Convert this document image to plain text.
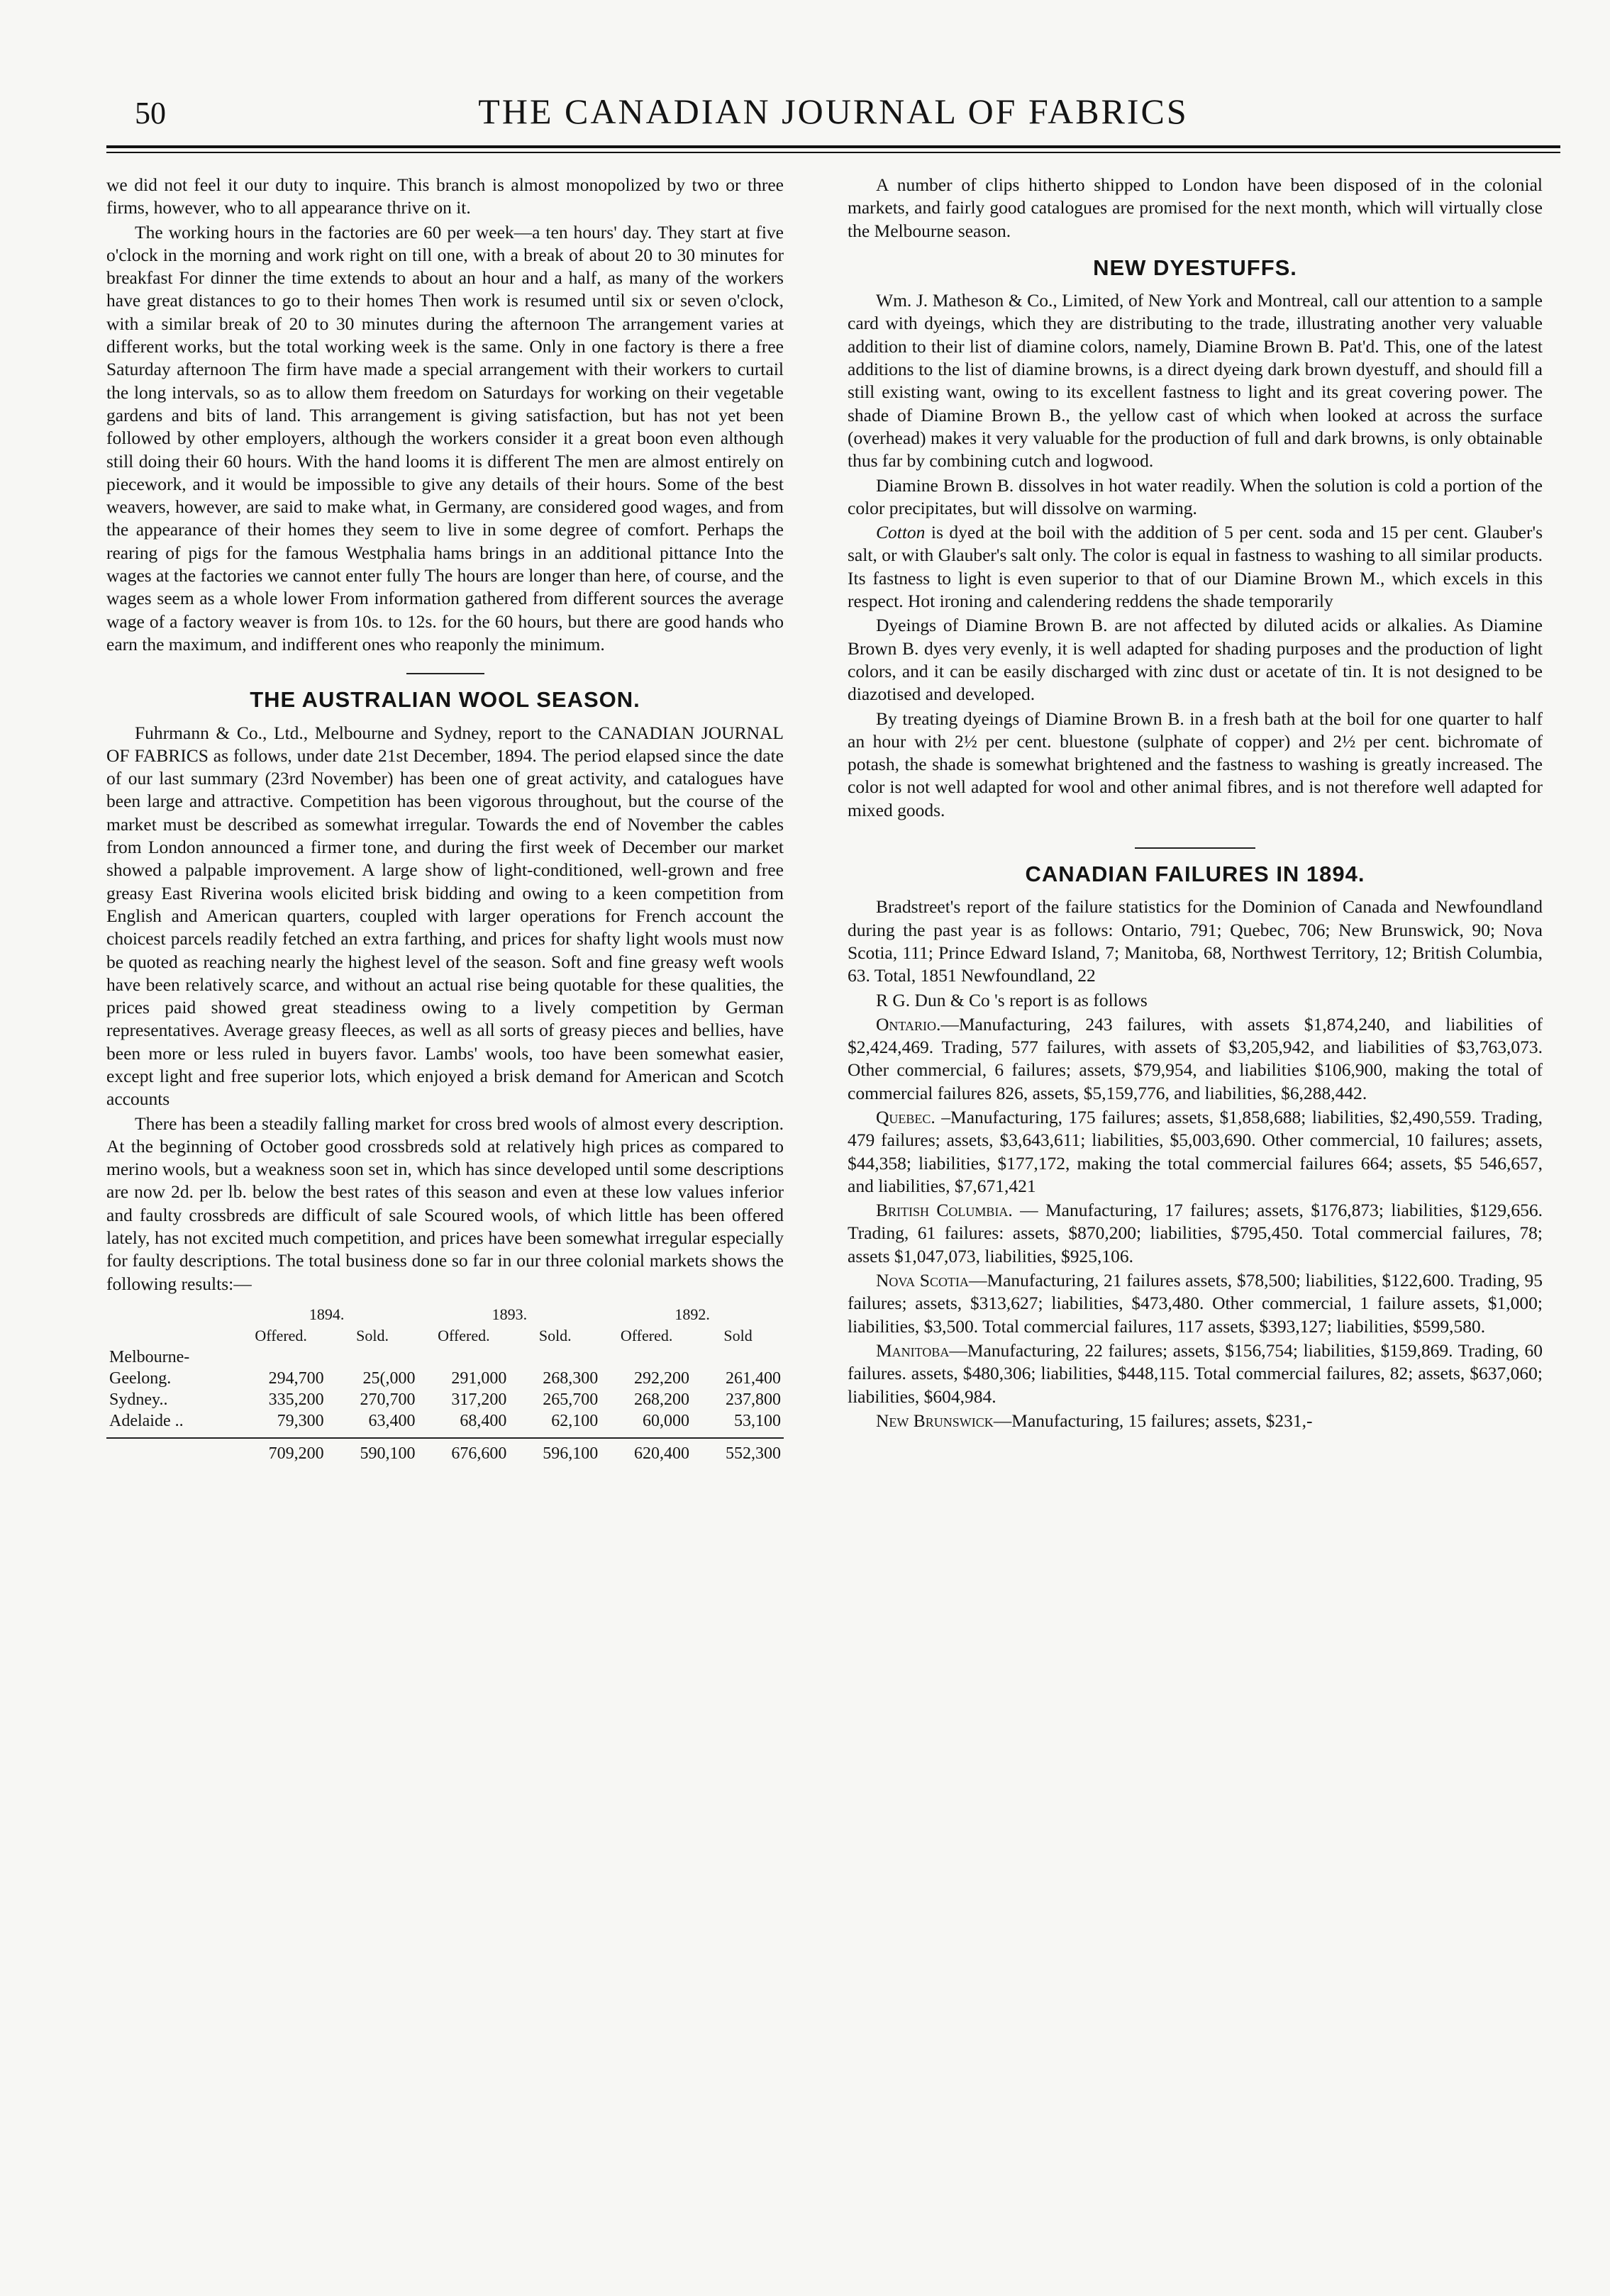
50	THE CANADIAN JOURNAL OF FABRICS

we did not feel it our duty to inquire. This branch is almost monopolized by two or three firms, however, who to all appearance thrive on it.

The working hours in the factories are 60 per week—a ten hours' day. They start at five o'clock in the morning and work right on till one, with a break of about 20 to 30 minutes for breakfast For dinner the time extends to about an hour and a half, as many of the workers have great distances to go to their homes Then work is resumed until six or seven o'clock, with a similar break of 20 to 30 minutes during the afternoon The arrangement varies at different works, but the total working week is the same. Only in one factory is there a free Saturday afternoon The firm have made a special arrangement with their workers to curtail the long intervals, so as to allow them freedom on Saturdays for working on their vegetable gardens and bits of land. This arrangement is giving satisfaction, but has not yet been followed by other employers, although the workers consider it a great boon even although still doing their 60 hours. With the hand looms it is different The men are almost entirely on piecework, and it would be impossible to give any details of their hours. Some of the best weavers, however, are said to make what, in Germany, are considered good wages, and from the appearance of their homes they seem to live in some degree of comfort. Perhaps the rearing of pigs for the famous Westphalia hams brings in an additional pittance Into the wages at the factories we cannot enter fully The hours are longer than here, of course, and the wages seem as a whole lower From information gathered from different sources the average wage of a factory weaver is from 10s. to 12s. for the 60 hours, but there are good hands who earn the maximum, and indifferent ones who reaponly the minimum.

THE AUSTRALIAN WOOL SEASON.

Fuhrmann & Co., Ltd., Melbourne and Sydney, report to the CANADIAN JOURNAL OF FABRICS as follows, under date 21st December, 1894. The period elapsed since the date of our last summary (23rd November) has been one of great activity, and catalogues have been large and attractive. Competition has been vigorous throughout, but the course of the market must be described as somewhat irregular. Towards the end of November the cables from London announced a firmer tone, and during the first week of December our market showed a palpable improvement. A large show of light-conditioned, well-grown and free greasy East Riverina wools elicited brisk bidding and owing to a keen competition from English and American quarters, coupled with larger operations for French account the choicest parcels readily fetched an extra farthing, and prices for shafty light wools must now be quoted as reaching nearly the highest level of the season. Soft and fine greasy weft wools have been relatively scarce, and without an actual rise being quotable for these qualities, the prices paid showed great steadiness owing to a lively competition by German representatives. Average greasy fleeces, as well as all sorts of greasy pieces and bellies, have been more or less ruled in buyers favor. Lambs' wools, too have been somewhat easier, except light and free superior lots, which enjoyed a brisk demand for American and Scotch accounts

There has been a steadily falling market for cross bred wools of almost every description. At the beginning of October good crossbreds sold at relatively high prices as compared to merino wools, but a weakness soon set in, which has since developed until some descriptions are now 2d. per lb. below the best rates of this season and even at these low values inferior and faulty crossbreds are difficult of sale Scoured wools, of which little has been offered lately, has not excited much competition, and prices have been somewhat irregular especially for faulty descriptions. The total business done so far in our three colonial markets shows the following results:—

	1894.		1893.		1892.	
	Offered.	Sold.	Offered.	Sold.	Offered.	Sold
Melbourne-						
Geelong.	294,700	25(,000	291,000	268,300	292,200	261,400
Sydney..	335,200	270,700	317,200	265,700	268,200	237,800
Adelaide ..	79,300	63,400	68,400	62,100	60,000	53,100

	709,200	590,100	676,600	596,100	620,400	552,300

A number of clips hitherto shipped to London have been disposed of in the colonial markets, and fairly good catalogues are promised for the next month, which will virtually close the Melbourne season.

NEW DYESTUFFS.

Wm. J. Matheson & Co., Limited, of New York and Montreal, call our attention to a sample card with dyeings, which they are distributing to the trade, illustrating another very valuable addition to their list of diamine colors, namely, Diamine Brown B. Pat'd. This, one of the latest additions to the list of diamine browns, is a direct dyeing dark brown dyestuff, and should fill a still existing want, owing to its excellent fastness to light and its great covering power. The shade of Diamine Brown B., the yellow cast of which when looked at across the surface (overhead) makes it very valuable for the production of full and dark browns, is only obtainable thus far by combining cutch and logwood.

Diamine Brown B. dissolves in hot water readily. When the solution is cold a portion of the color precipitates, but will dissolve on warming.

Cotton is dyed at the boil with the addition of 5 per cent. soda and 15 per cent. Glauber's salt, or with Glauber's salt only. The color is equal in fastness to washing to all similar products. Its fastness to light is even superior to that of our Diamine Brown M., which excels in this respect. Hot ironing and calendering reddens the shade temporarily

Dyeings of Diamine Brown B. are not affected by diluted acids or alkalies. As Diamine Brown B. dyes very evenly, it is well adapted for shading purposes and the production of light colors, and it can be easily discharged with zinc dust or acetate of tin. It is not designed to be diazotised and developed.

By treating dyeings of Diamine Brown B. in a fresh bath at the boil for one quarter to half an hour with 2½ per cent. bluestone (sulphate of copper) and 2½ per cent. bichromate of potash, the shade is somewhat brightened and the fastness to washing is greatly increased. The color is not well adapted for wool and other animal fibres, and is not therefore well adapted for mixed goods.

CANADIAN FAILURES IN 1894.

Bradstreet's report of the failure statistics for the Dominion of Canada and Newfoundland during the past year is as follows: Ontario, 791; Quebec, 706; New Brunswick, 90; Nova Scotia, 111; Prince Edward Island, 7; Manitoba, 68, Northwest Territory, 12; British Columbia, 63. Total, 1851 Newfoundland, 22

R G. Dun & Co 's report is as follows

Ontario.—Manufacturing, 243 failures, with assets $1,874,240, and liabilities of $2,424,469. Trading, 577 failures, with assets of $3,205,942, and liabilities of $3,763,073. Other commercial, 6 failures; assets, $79,954, and liabilities $106,900, making the total of commercial failures 826, assets, $5,159,776, and liabilities, $6,288,442.

Quebec. –Manufacturing, 175 failures; assets, $1,858,688; liabilities, $2,490,559. Trading, 479 failures; assets, $3,643,611; liabilities, $5,003,690. Other commercial, 10 failures; assets, $44,358; liabilities, $177,172, making the total commercial failures 664; assets, $5 546,657, and liabilities, $7,671,421

British Columbia. — Manufacturing, 17 failures; assets, $176,873; liabilities, $129,656. Trading, 61 failures: assets, $870,200; liabilities, $795,450. Total commercial failures, 78; assets $1,047,073, liabilities, $925,106.

Nova Scotia—Manufacturing, 21 failures assets, $78,500; liabilities, $122,600. Trading, 95 failures; assets, $313,627; liabilities, $473,480. Other commercial, 1 failure assets, $1,000; liabilities, $3,500. Total commercial failures, 117 assets, $393,127; liabilities, $599,580.

Manitoba—Manufacturing, 22 failures; assets, $156,754; liabilities, $159,869. Trading, 60 failures. assets, $480,306; liabilities, $448,115. Total commercial failures, 82; assets, $637,060; liabilities, $604,984.

New Brunswick—Manufacturing, 15 failures; assets, $231,-
